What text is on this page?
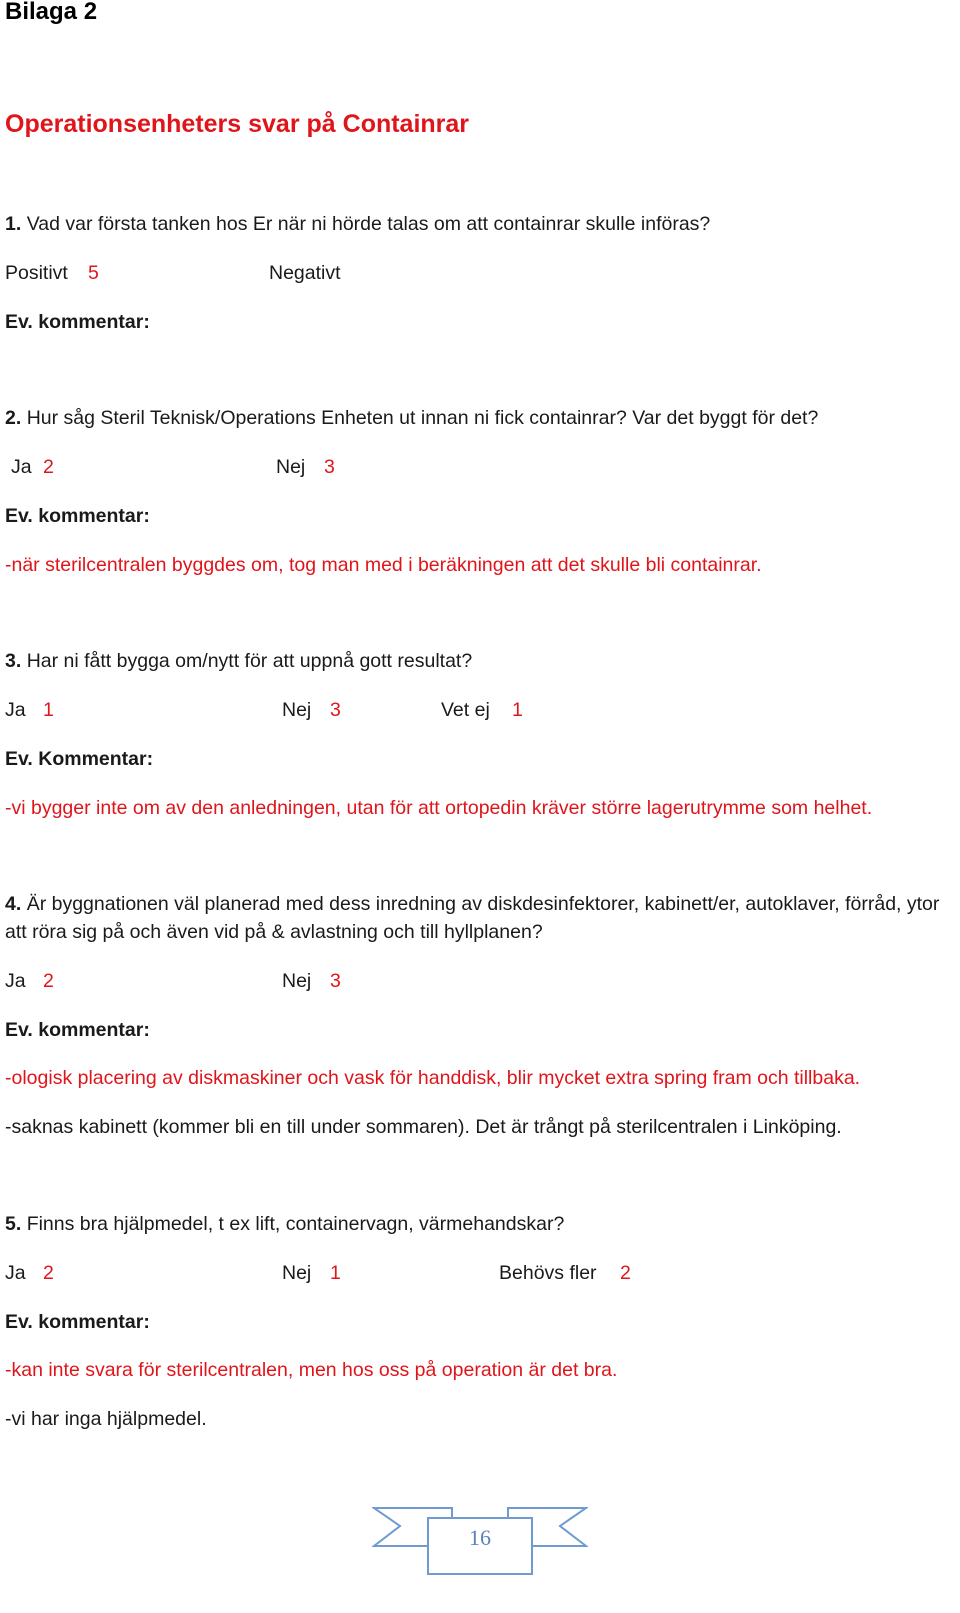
Bilaga 2
Operationsenheters svar på Containrar
1. Vad var första tanken hos Er när ni hörde talas om att containrar skulle införas?
Positivt 5	Negativt
Ev. kommentar:
2. Hur såg Steril Teknisk/Operations Enheten ut innan ni fick containrar? Var det byggt för det?
Ja 2	Nej 3
Ev. kommentar:
-när sterilcentralen byggdes om, tog man med i beräkningen att det skulle bli containrar.
3. Har ni fått bygga om/nytt för att uppnå gott resultat?
Ja 1	Nej 3	Vet ej 1
Ev. Kommentar:
-vi bygger inte om av den anledningen, utan för att ortopedin kräver större lagerutrymme som helhet.
4. Är byggnationen väl planerad med dess inredning av diskdesinfektorer, kabinett/er, autoklaver, förråd, ytor att röra sig på och även vid på & avlastning och till hyllplanen?
Ja 2	Nej 3
Ev. kommentar:
-ologisk placering av diskmaskiner och vask för handdisk, blir mycket extra spring fram och tillbaka.
-saknas kabinett (kommer bli en till under sommaren). Det är trångt på sterilcentralen i Linköping.
5. Finns bra hjälpmedel, t ex lift, containervagn, värmehandskar?
Ja 2	Nej 1	Behövs fler 2
Ev. kommentar:
-kan inte svara för sterilcentralen, men hos oss på operation är det bra.
-vi har inga hjälpmedel.
16
